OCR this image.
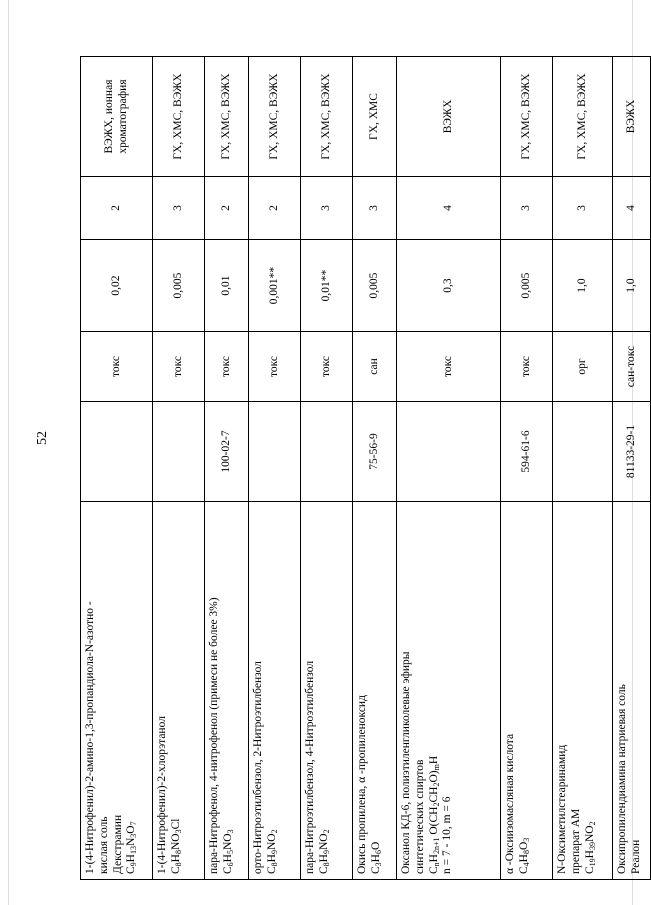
52
1-(4-Нитрофенил)-2-амино-1,3-пропандиола-N-азотно - кислая соль Декстрамин $C_9H_{13}N_3O_7$		токс	0,02	2	ВЭЖХ, ионная хроматография
1-(4-Нитрофенил)-2-хлорэтанол $C_8H_8NO_3Cl$		токс	0,005	3	ГХ, ХМС, ВЭЖХ
пара-Нитрофенол, 4-нитрофенол (примеси не более 3%) $C_6H_5NO_3$	100-02-7	токс	0,01	2	ГХ, ХМС, ВЭЖХ
орто-Нитроэтилбензол, 2-Нитроэтилбензол $C_8H_9NO_2$		токс	0,001**	2	ГХ, ХМС, ВЭЖХ
пара-Нитроэтилбензол, 4-Нитроэтилбензол $C_8H_9NO_2$		токс	0,01**	3	ГХ, ХМС, ВЭЖХ
Окись пропилена, α -пропиленоксид $C_3H_6O$	75-56-9	сан	0,005	3	ГХ, ХМС
Оксанол КД-6, полиэтиленгликолевые эфиры синтетических спиртов $C_nH_{2n+1}$ $O(CH_2CH_2O)_mH$
n = 7 - 10, m = 6		токс	0,3	4	ВЭЖХ
α -Оксиизомасляная кислота $C_4H_8O_3$	594-61-6	токс	0,005	3	ГХ, ХМС, ВЭЖХ
N-Оксиметилстеаринамид препарат АМ $C_{19}H_{39}NO_2$		орг	1,0	3	ГХ, ХМС, ВЭЖХ
Оксипропилендиамина натриевая соль Реалон	81133-29-1	сан-токс	1,0	4	ВЭЖХ
